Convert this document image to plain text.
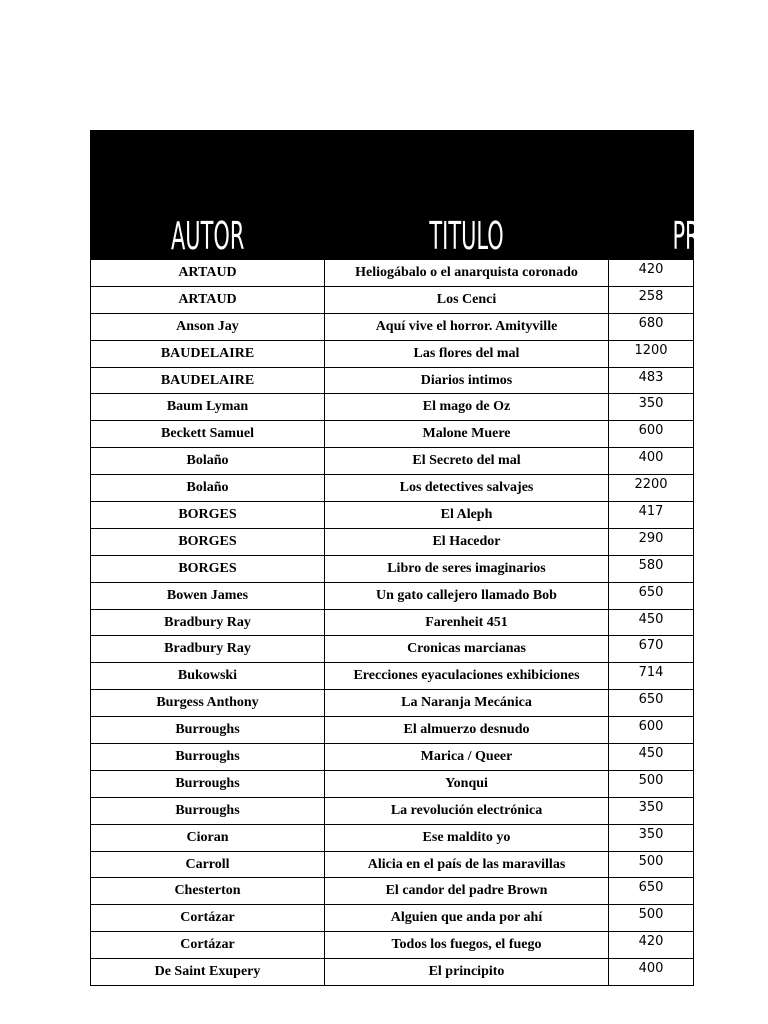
AUTOR	TITULO	PRECIO
ARTAUD	Heliogábalo o el anarquista coronado	420
ARTAUD	Los Cenci	258
Anson Jay	Aquí vive el horror. Amityville	680
BAUDELAIRE	Las flores del mal	1200
BAUDELAIRE	Diarios intimos	483
Baum Lyman	El mago de Oz	350
Beckett Samuel	Malone Muere	600
Bolaño	El Secreto del mal	400
Bolaño	Los detectives salvajes	2200
BORGES	El Aleph	417
BORGES	El Hacedor	290
BORGES	Libro de seres imaginarios	580
Bowen James	Un gato callejero llamado Bob	650
Bradbury Ray	Farenheit 451	450
Bradbury Ray	Cronicas marcianas	670
Bukowski	Erecciones eyaculaciones exhibiciones	714
Burgess Anthony	La Naranja Mecánica	650
Burroughs	El almuerzo desnudo	600
Burroughs	Marica / Queer	450
Burroughs	Yonqui	500
Burroughs	La revolución electrónica	350
Cioran	Ese maldito yo	350
Carroll	Alicia en el país de las maravillas	500
Chesterton	El candor del padre Brown	650
Cortázar	Alguien que anda por ahí	500
Cortázar	Todos los fuegos, el fuego	420
De Saint Exupery	El principito	400
